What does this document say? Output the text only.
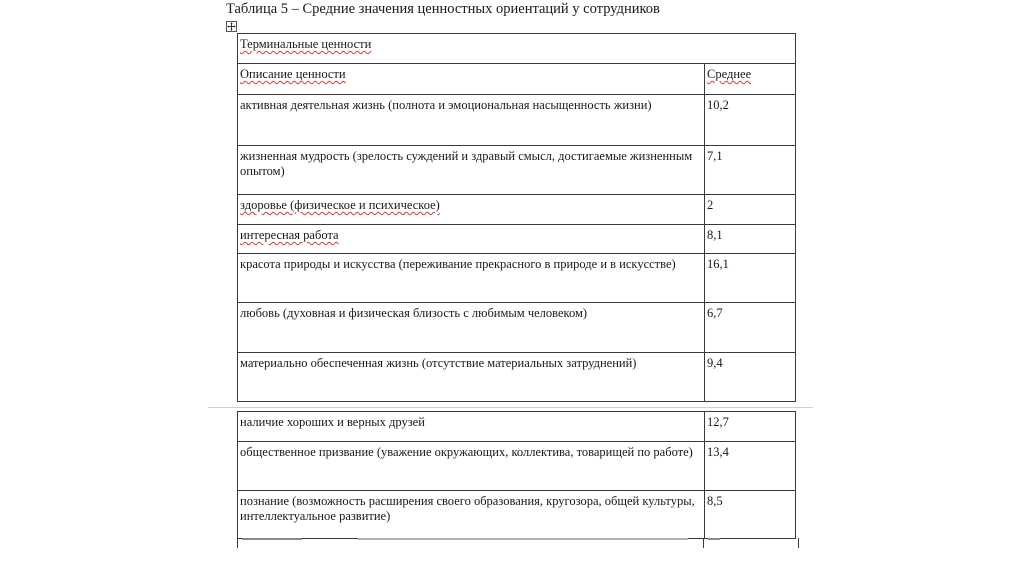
Таблица 5 – Средние значения ценностных ориентаций у сотрудников
Терминальные ценности	
Описание ценности	Среднее
активная деятельная жизнь (полнота и эмоциональная насыщенность жизни)	10,2
жизненная мудрость (зрелость суждений и здравый смысл, достигаемые жизненным опытом)	7,1
здоровье (физическое и психическое)	2
интересная работа	8,1
красота природы и искусства (переживание прекрасного в природе и в искусстве)	16,1
любовь (духовная и физическая близость с любимым человеком)	6,7
материально обеспеченная жизнь (отсутствие материальных затруднений)	9,4
наличие хороших и верных друзей	12,7
общественное призвание (уважение окружающих, коллектива, товарищей по работе)	13,4
познание (возможность расширения своего образования, кругозора, общей культуры, интеллектуальное развитие)	8,5
